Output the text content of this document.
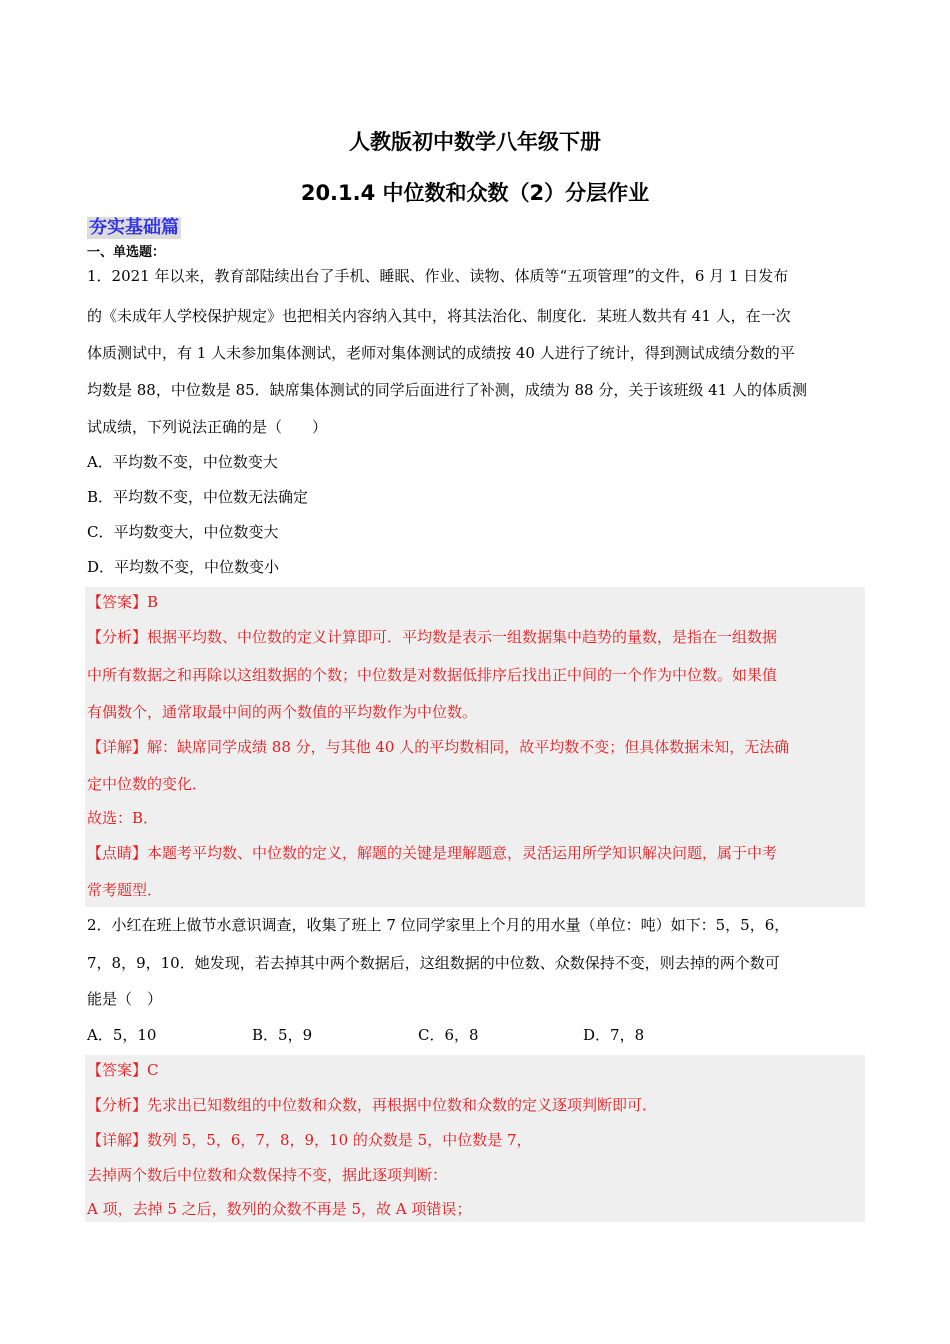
人教版初中数学八年级下册
20.1.4 中位数和众数（2）分层作业
夯实基础篇
一、单选题：
1．2021 年以来，教育部陆续出台了手机、睡眠、作业、读物、体质等“五项管理”的文件，6 月 1 日发布
的《未成年人学校保护规定》也把相关内容纳入其中，将其法治化、制度化．某班人数共有 41 人，在一次
体质测试中，有 1 人未参加集体测试，老师对集体测试的成绩按 40 人进行了统计，得到测试成绩分数的平
均数是 88，中位数是 85．缺席集体测试的同学后面进行了补测，成绩为 88 分，关于该班级 41 人的体质测
试成绩，下列说法正确的是（　　）
A．平均数不变，中位数变大
B．平均数不变，中位数无法确定
C．平均数变大，中位数变大
D．平均数不变，中位数变小
【答案】B
【分析】根据平均数、中位数的定义计算即可．平均数是表示一组数据集中趋势的量数，是指在一组数据
中所有数据之和再除以这组数据的个数；中位数是对数据低排序后找出正中间的一个作为中位数。如果值
有偶数个，通常取最中间的两个数值的平均数作为中位数。
【详解】解：缺席同学成绩 88 分，与其他 40 人的平均数相同，故平均数不变；但具体数据未知，无法确
定中位数的变化．
故选：B．
【点睛】本题考平均数、中位数的定义，解题的关键是理解题意，灵活运用所学知识解决问题，属于中考
常考题型．
2．小红在班上做节水意识调查，收集了班上 7 位同学家里上个月的用水量（单位：吨）如下：5，5，6，
7，8，9，10．她发现，若去掉其中两个数据后，这组数据的中位数、众数保持不变，则去掉的两个数可
能是（　）
A．5，10	B．5，9	C．6，8	D．7，8
【答案】C
【分析】先求出已知数组的中位数和众数，再根据中位数和众数的定义逐项判断即可．
【详解】数列 5，5，6，7，8，9，10 的众数是 5，中位数是 7，
去掉两个数后中位数和众数保持不变，据此逐项判断：
A 项，去掉 5 之后，数列的众数不再是 5，故 A 项错误；
